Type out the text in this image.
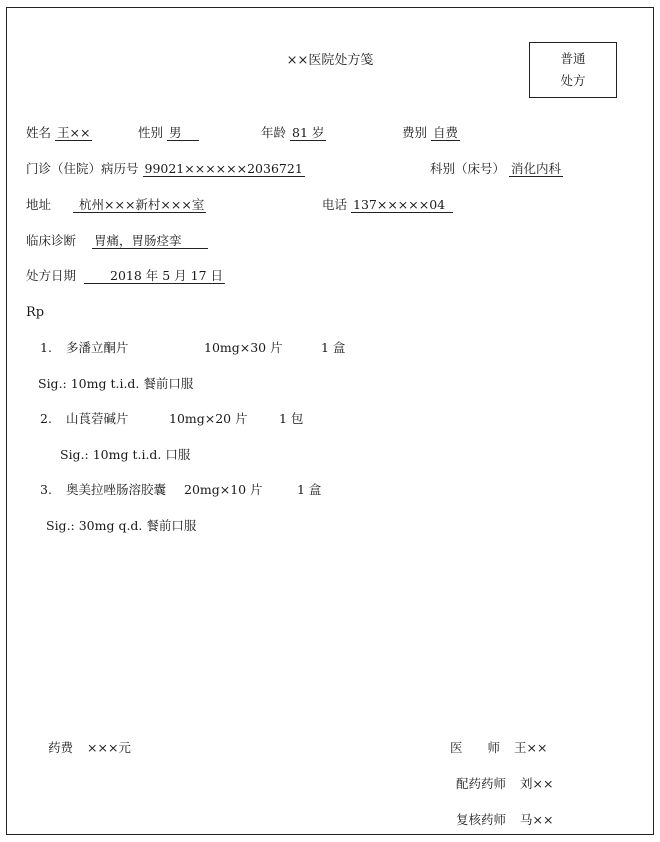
××医院处方笺	普通
处方
姓名 王××	性别 男	年龄 81 岁	费别 自费
门诊（住院）病历号 99021××××××2036721	科别（床号） 消化内科
地址 杭州×××新村×××室	电话 137×××××04
临床诊断 胃痛，胃肠痉挛
处方日期	2018 年 5 月 17 日
Rp
1. 多潘立酮片	10mg×30 片	1 盒
Sig.: 10mg t.i.d. 餐前口服
2. 山莨菪碱片	10mg×20 片	1 包
Sig.: 10mg t.i.d. 口服
3. 奥美拉唑肠溶胶囊 20mg×10 片	1 盒
Sig.: 30mg q.d. 餐前口服
药费 ×××元	医　　师 王××
配药药师 刘××
复核药师 马××
